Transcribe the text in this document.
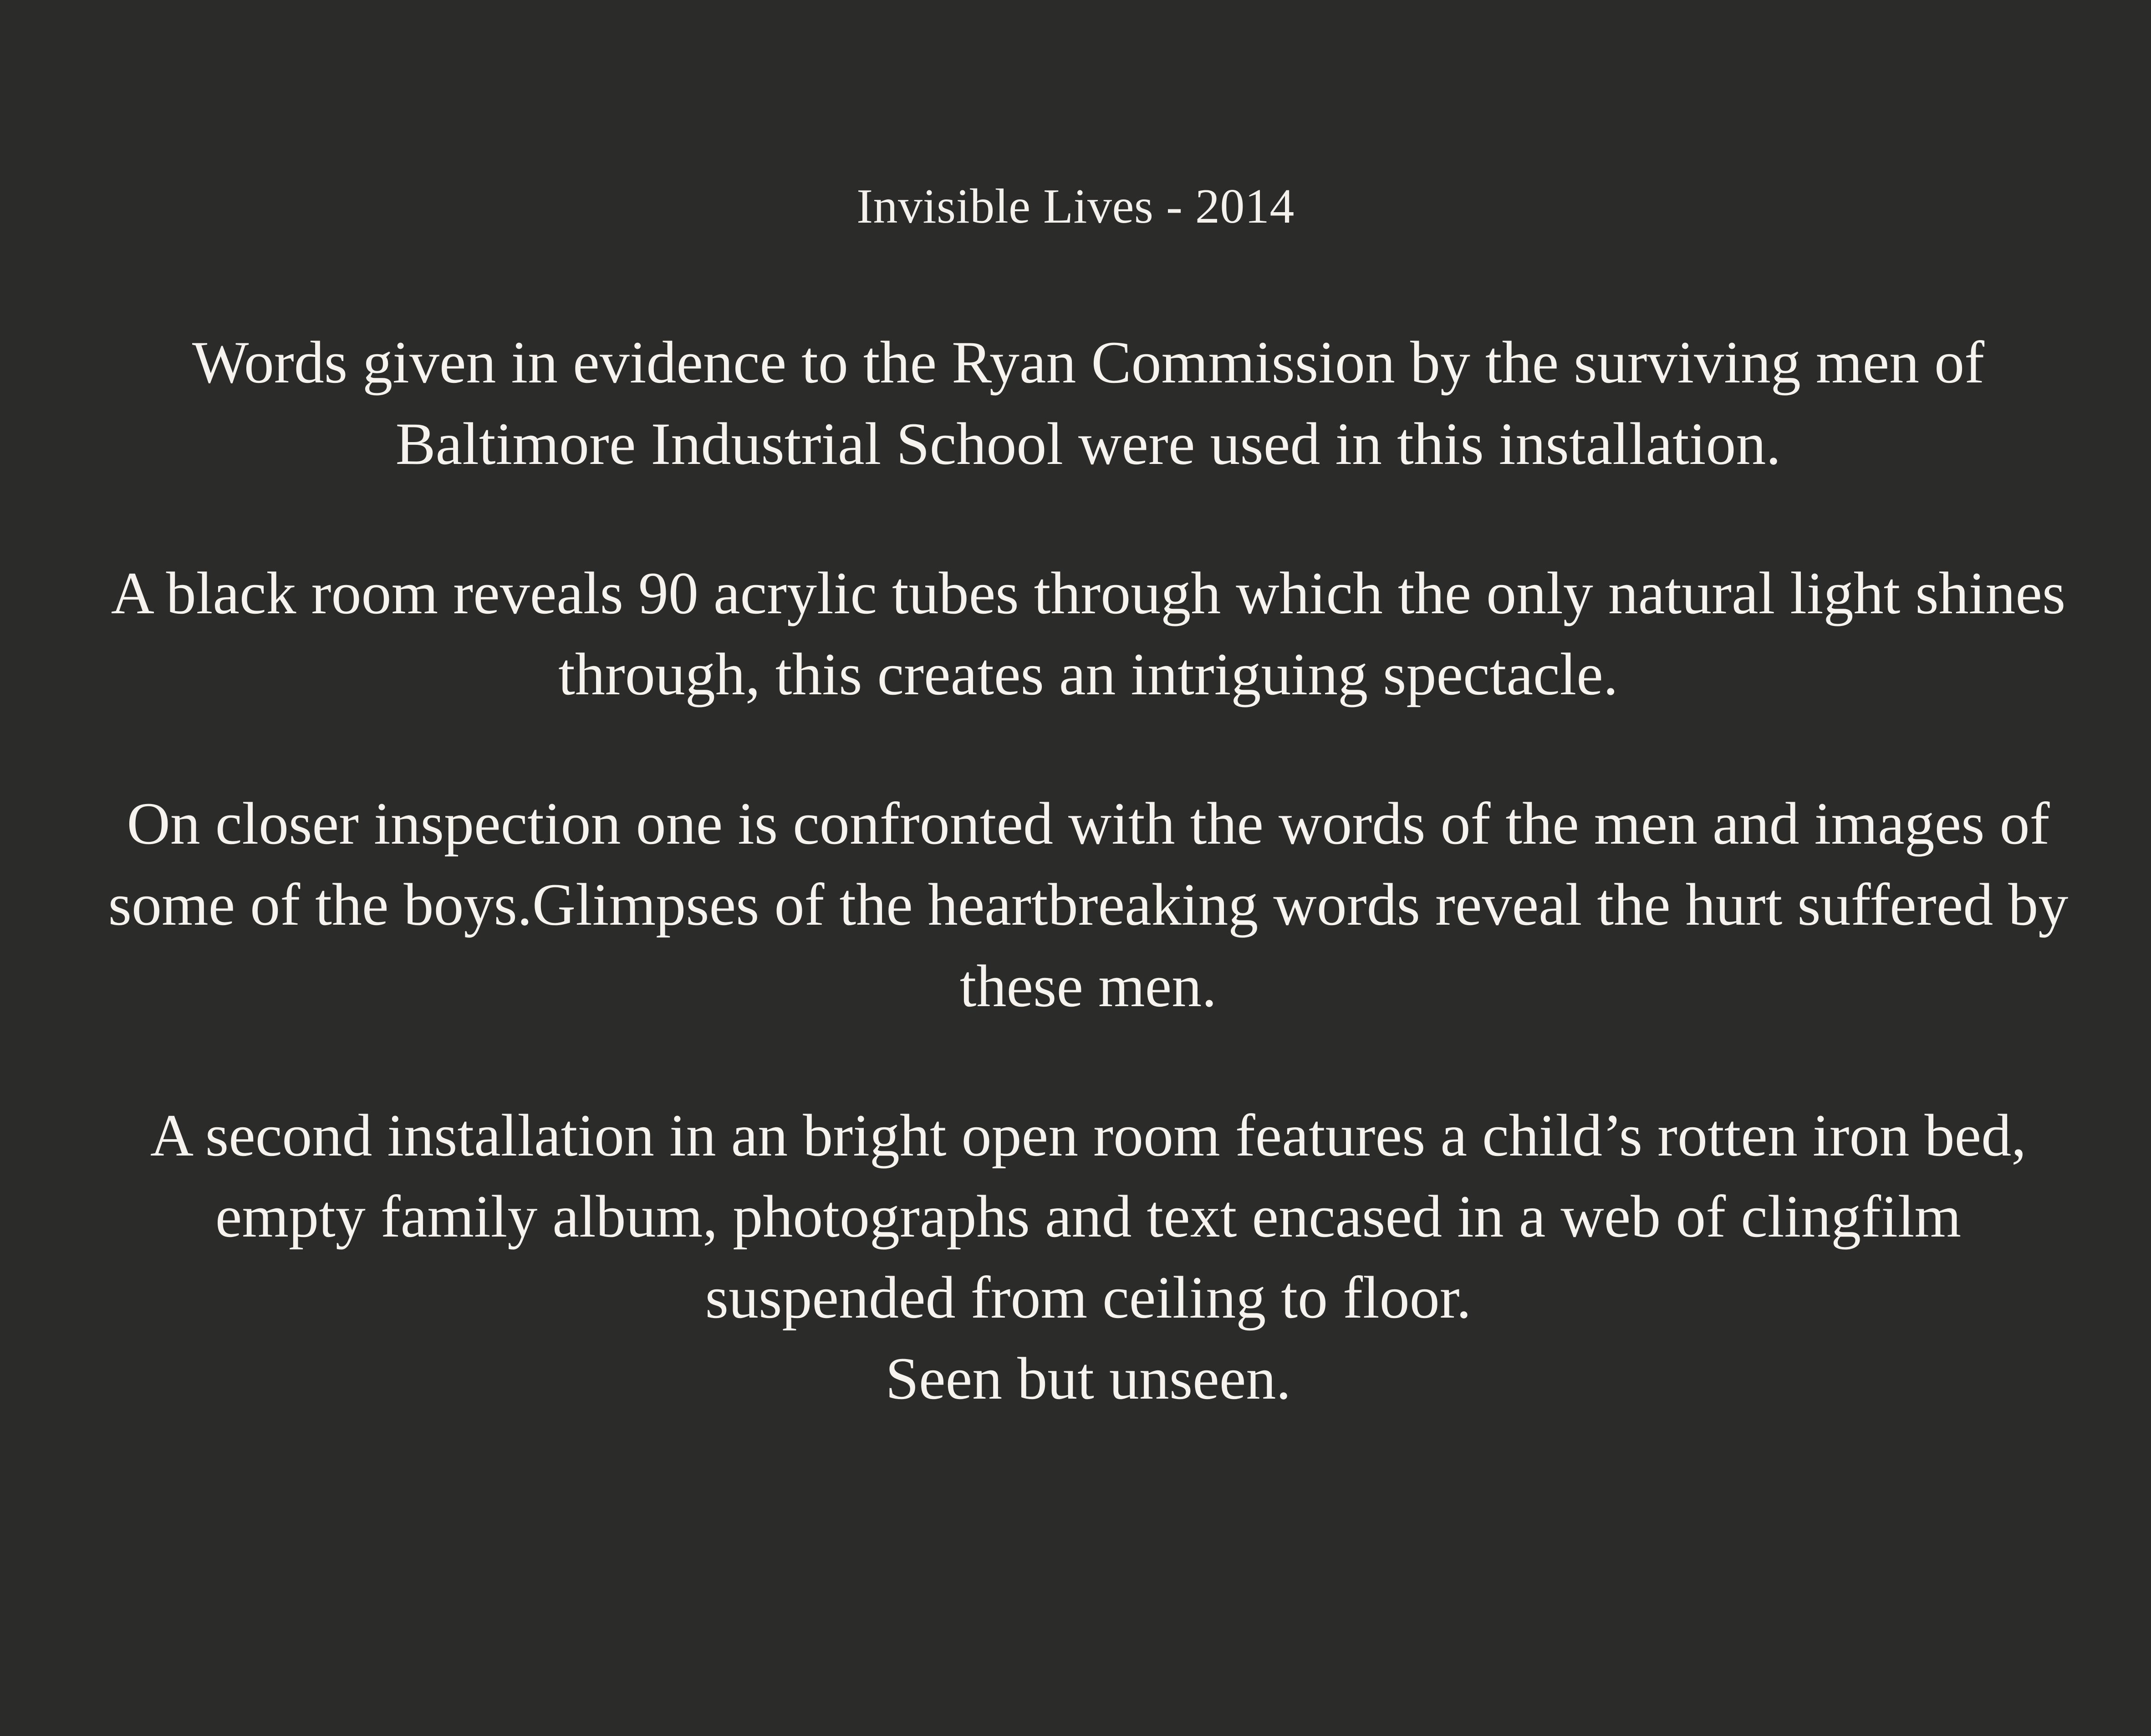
Invisible Lives - 2014

Words given in evidence to the Ryan Commission by the surviving men of Baltimore Industrial School were used in this installation.

A black room reveals 90 acrylic tubes through which the only natural light shines through, this creates an intriguing spectacle.

On closer inspection one is confronted with the words of the men and images of some of the boys.Glimpses of the heartbreaking words reveal the hurt suffered by these men.

A second installation in an bright open room features a child’s rotten iron bed, empty family album, photographs and text encased in a web of clingfilm suspended from ceiling to floor.

Seen but unseen.
